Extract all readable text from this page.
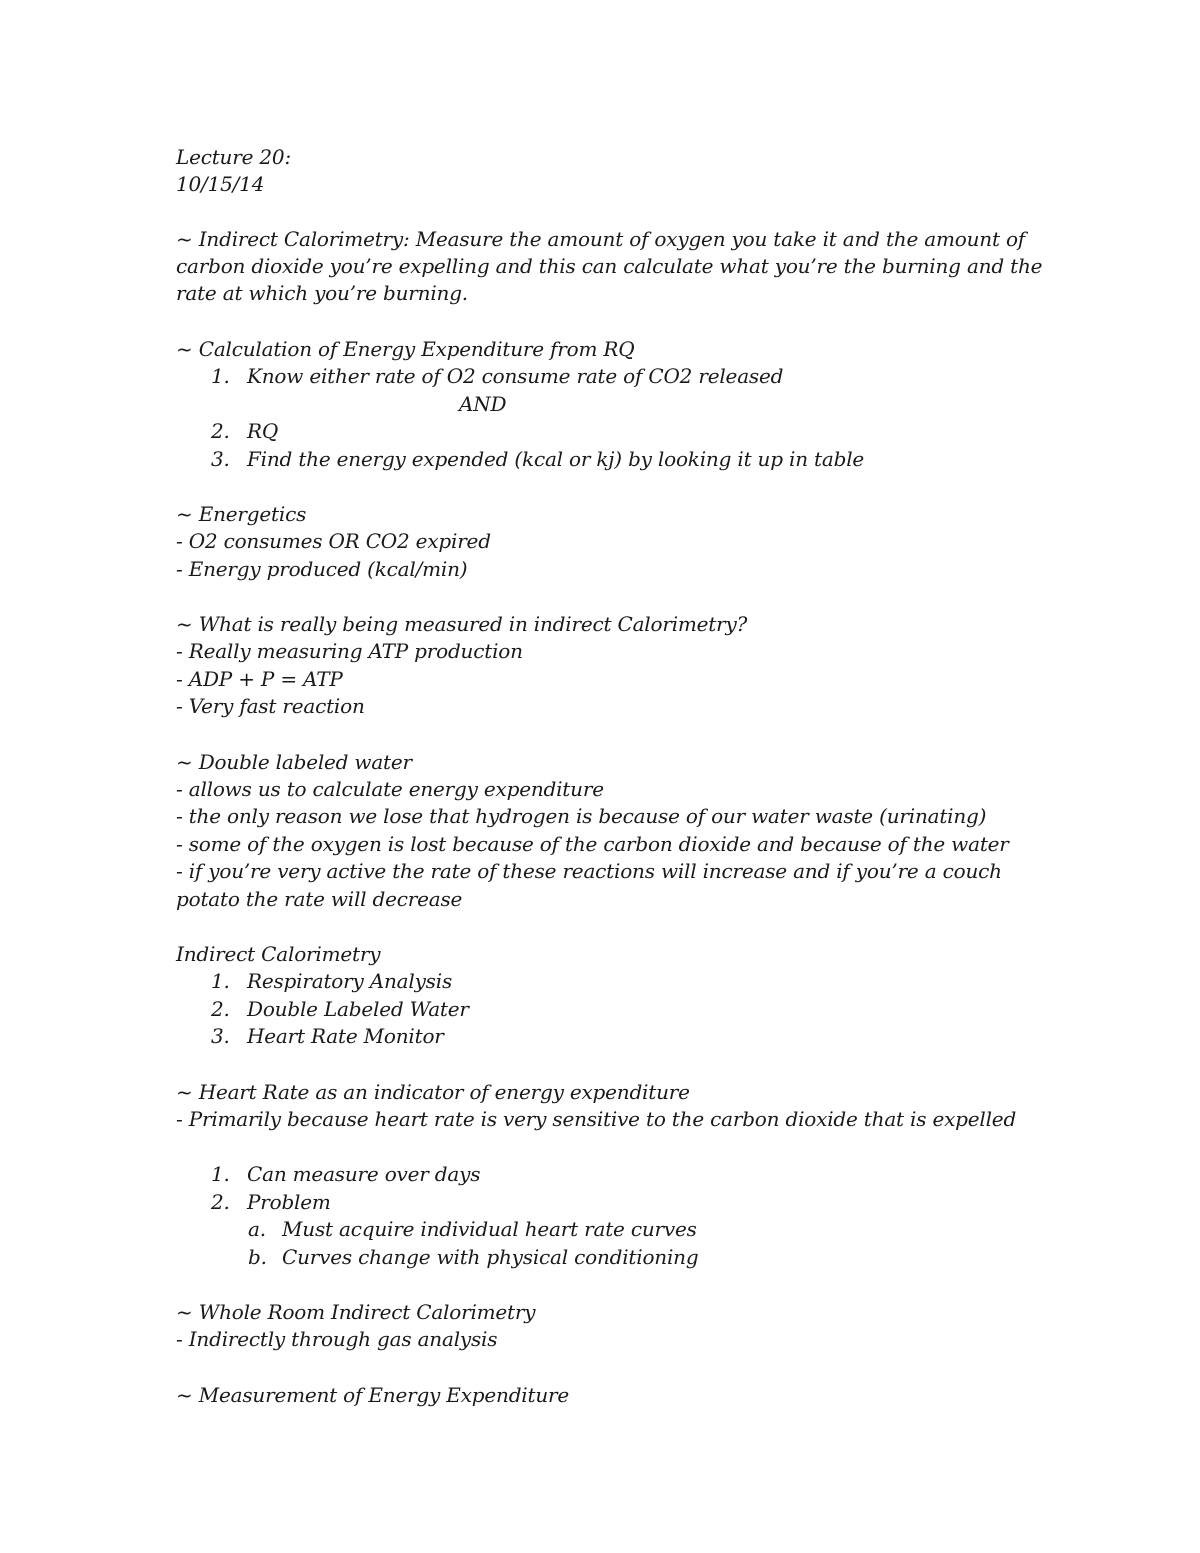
Lecture 20:
10/15/14
~ Indirect Calorimetry: Measure the amount of oxygen you take it and the amount of
carbon dioxide you’re expelling and this can calculate what you’re the burning and the
rate at which you’re burning.
~ Calculation of Energy Expenditure from RQ
1. Know either rate of O2 consume rate of CO2 released
AND
2. RQ
3. Find the energy expended (kcal or kj) by looking it up in table
~ Energetics
- O2 consumes OR CO2 expired
- Energy produced (kcal/min)
~ What is really being measured in indirect Calorimetry?
- Really measuring ATP production
- ADP + P = ATP
- Very fast reaction
~ Double labeled water
- allows us to calculate energy expenditure
- the only reason we lose that hydrogen is because of our water waste (urinating)
- some of the oxygen is lost because of the carbon dioxide and because of the water
- if you’re very active the rate of these reactions will increase and if you’re a couch
potato the rate will decrease
Indirect Calorimetry
1. Respiratory Analysis
2. Double Labeled Water
3. Heart Rate Monitor
~ Heart Rate as an indicator of energy expenditure
- Primarily because heart rate is very sensitive to the carbon dioxide that is expelled
1. Can measure over days
2. Problem
a. Must acquire individual heart rate curves
b. Curves change with physical conditioning
~ Whole Room Indirect Calorimetry
- Indirectly through gas analysis
~ Measurement of Energy Expenditure
